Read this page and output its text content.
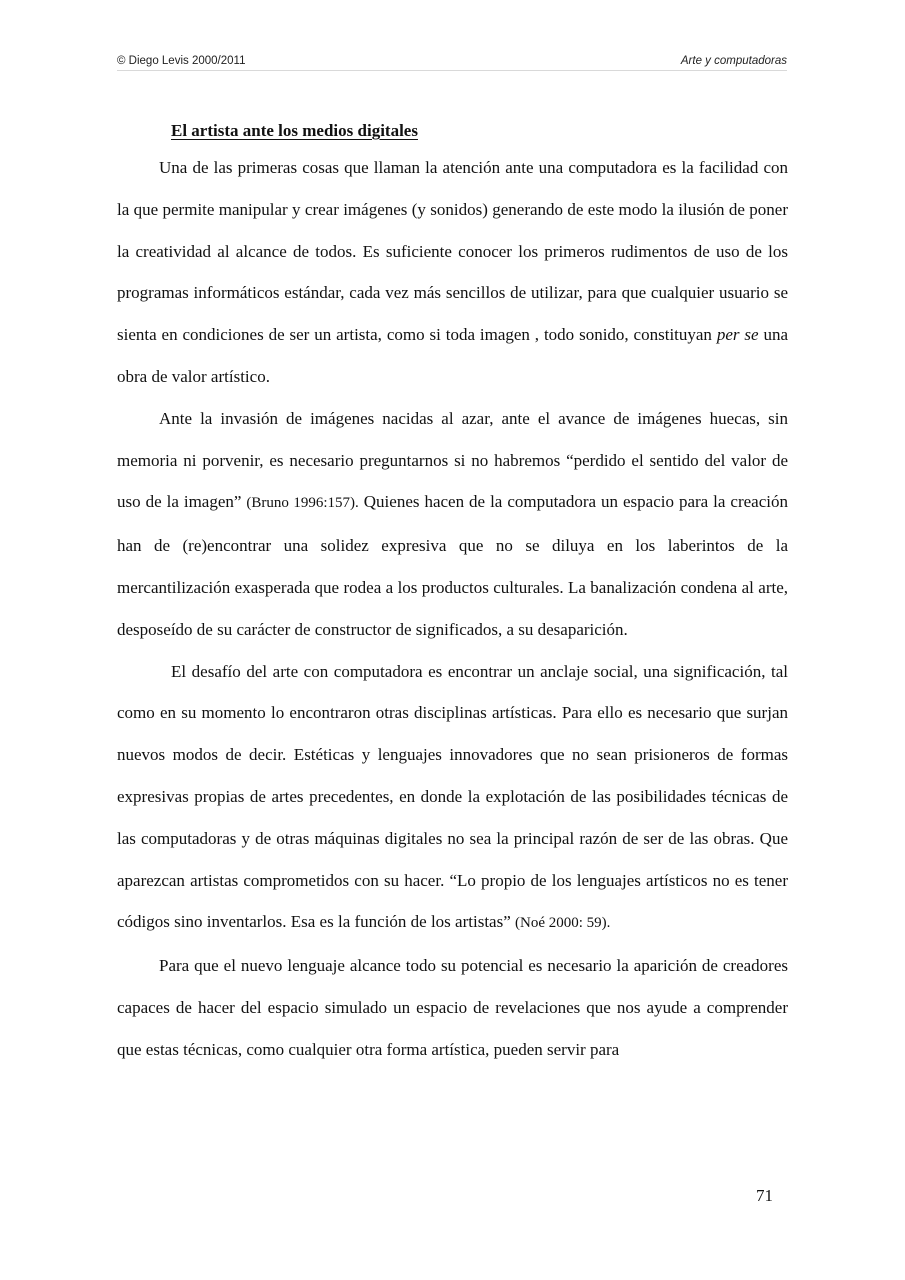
© Diego Levis 2000/2011	Arte y computadoras
El artista ante los medios digitales

Una de las primeras cosas que llaman la atención ante una computadora es la facilidad con la que permite manipular y crear imágenes (y sonidos) generando de este modo la ilusión de poner la creatividad al alcance de todos. Es suficiente conocer los primeros rudimentos de uso de los programas informáticos estándar, cada vez más sencillos de utilizar, para que cualquier usuario se sienta en condiciones de ser un artista, como si toda imagen , todo sonido, constituyan per se una obra de valor artístico.

Ante la invasión de imágenes nacidas al azar, ante el avance de imágenes huecas, sin memoria ni porvenir, es necesario preguntarnos si no habremos “perdido el sentido del valor de uso de la imagen” (Bruno 1996:157). Quienes hacen de la computadora un espacio para la creación han de (re)encontrar una solidez expresiva que no se diluya en los laberintos de la mercantilización exasperada que rodea a los productos culturales. La banalización condena al arte, desposeído de su carácter de constructor de significados, a su desaparición.

El desafío del arte con computadora es encontrar un anclaje social, una significación, tal como en su momento lo encontraron otras disciplinas artísticas. Para ello es necesario que surjan nuevos modos de decir. Estéticas y lenguajes innovadores que no sean prisioneros de formas expresivas propias de artes precedentes, en donde la explotación de las posibilidades técnicas de las computadoras y de otras máquinas digitales no sea la principal razón de ser de las obras. Que aparezcan artistas comprometidos con su hacer. “Lo propio de los lenguajes artísticos no es tener códigos sino inventarlos. Esa es la función de los artistas” (Noé 2000: 59).

Para que el nuevo lenguaje alcance todo su potencial es necesario la aparición de creadores capaces de hacer del espacio simulado un espacio de revelaciones que nos ayude a comprender que estas técnicas, como cualquier otra forma artística, pueden servir para

71
